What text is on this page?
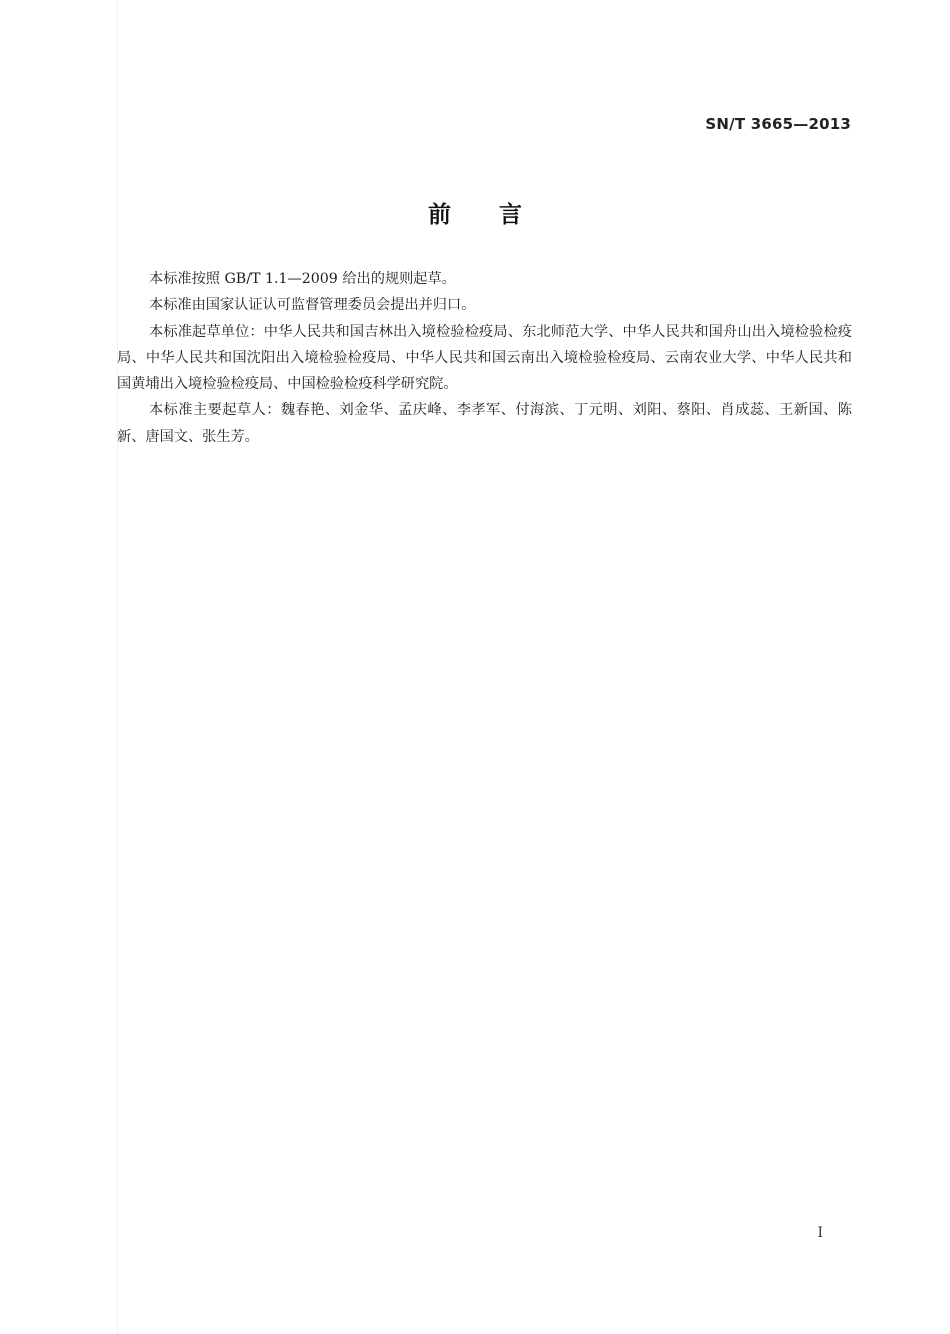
SN/T 3665—2013
前 言

本标准按照 GB/T 1.1—2009 给出的规则起草。

本标准由国家认证认可监督管理委员会提出并归口。

本标准起草单位：中华人民共和国吉林出入境检验检疫局、东北师范大学、中华人民共和国舟山出入境检验检疫局、中华人民共和国沈阳出入境检验检疫局、中华人民共和国云南出入境检验检疫局、云南农业大学、中华人民共和国黄埔出入境检验检疫局、中国检验检疫科学研究院。

本标准主要起草人：魏春艳、刘金华、孟庆峰、李孝军、付海滨、丁元明、刘阳、蔡阳、肖成蕊、王新国、陈新、唐国文、张生芳。

I
